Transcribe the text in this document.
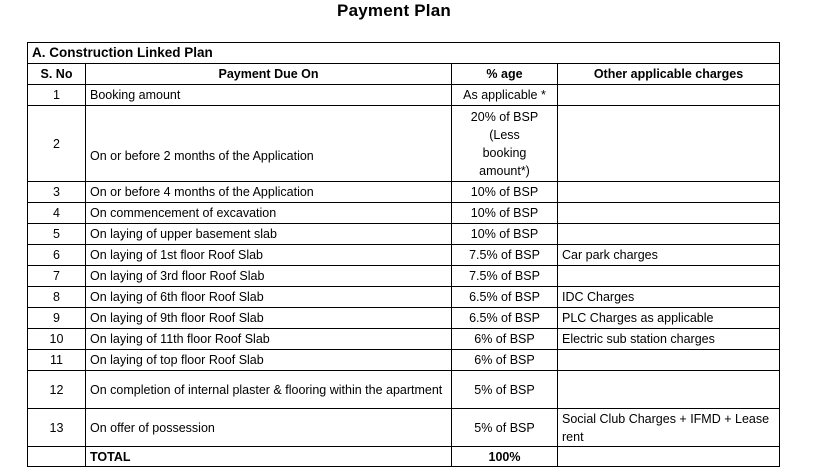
Payment Plan
A. Construction Linked Plan			
S. No	Payment Due On	% age	Other applicable charges
1	Booking amount	As applicable *	
2	On or before 2 months of the Application	20% of BSP (Less booking amount*)	
3	On or before 4 months of the Application	10% of BSP	
4	On commencement of excavation	10% of BSP	
5	On laying of upper basement slab	10% of BSP	
6	On laying of 1st floor Roof Slab	7.5% of BSP	Car park charges
7	On laying of 3rd floor Roof Slab	7.5% of BSP	
8	On laying of 6th floor Roof Slab	6.5% of BSP	IDC Charges
9	On laying of 9th floor Roof Slab	6.5% of BSP	PLC Charges as applicable
10	On laying of 11th floor Roof Slab	6% of BSP	Electric sub station charges
11	On laying of top floor Roof Slab	6% of BSP	
12	On completion of internal plaster & flooring within the apartment	5% of BSP	
13	On offer of possession	5% of BSP	Social Club Charges + IFMD + Lease rent
	TOTAL	100%	
